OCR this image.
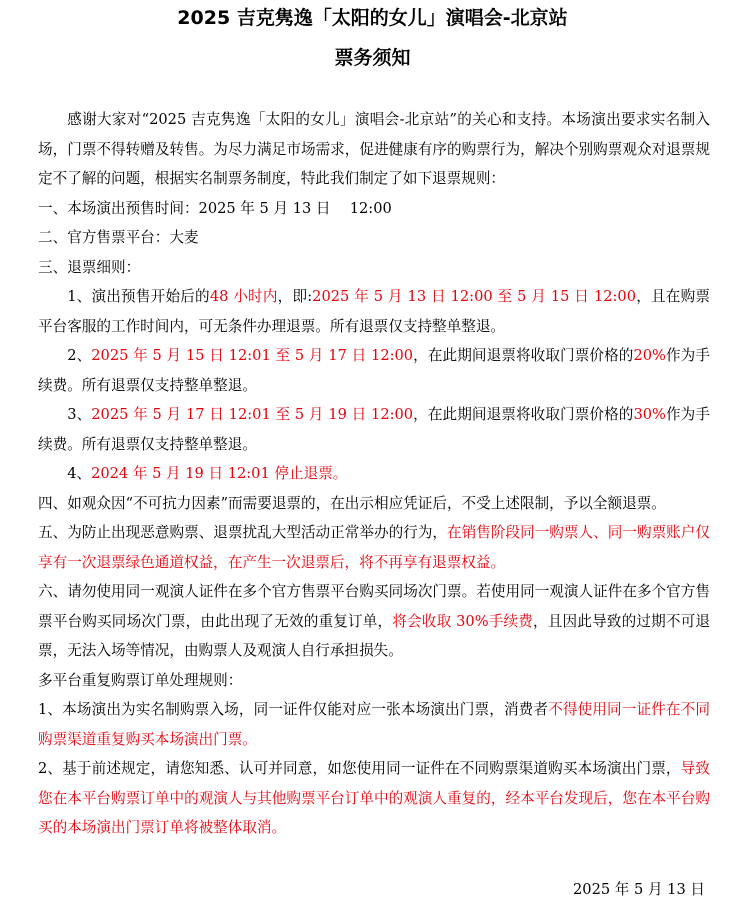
2025 吉克隽逸「太阳的女儿」演唱会-北京站
票务须知

感谢大家对“2025 吉克隽逸「太阳的女儿」演唱会-北京站”的关心和支持。本场演出要求实名制入场，门票不得转赠及转售。为尽力满足市场需求，促进健康有序的购票行为，解决个别购票观众对退票规定不了解的问题，根据实名制票务制度，特此我们制定了如下退票规则：

一、本场演出预售时间：2025 年 5 月 13 日　 12:00

二、官方售票平台：大麦

三、退票细则：

1、演出预售开始后的48 小时内，即:2025 年 5 月 13 日 12:00 至 5 月 15 日 12:00，且在购票平台客服的工作时间内，可无条件办理退票。所有退票仅支持整单整退。

2、2025 年 5 月 15 日 12:01 至 5 月 17 日 12:00，在此期间退票将收取门票价格的20%作为手续费。所有退票仅支持整单整退。

3、2025 年 5 月 17 日 12:01 至 5 月 19 日 12:00，在此期间退票将收取门票价格的30%作为手续费。所有退票仅支持整单整退。

4、2024 年 5 月 19 日 12:01 停止退票。

四、如观众因“不可抗力因素”而需要退票的，在出示相应凭证后，不受上述限制，予以全额退票。

五、为防止出现恶意购票、退票扰乱大型活动正常举办的行为，在销售阶段同一购票人、同一购票账户仅享有一次退票绿色通道权益，在产生一次退票后，将不再享有退票权益。

六、请勿使用同一观演人证件在多个官方售票平台购买同场次门票。若使用同一观演人证件在多个官方售票平台购买同场次门票，由此出现了无效的重复订单，将会收取 30%手续费，且因此导致的过期不可退票，无法入场等情况，由购票人及观演人自行承担损失。

多平台重复购票订单处理规则：

1、本场演出为实名制购票入场，同一证件仅能对应一张本场演出门票，消费者不得使用同一证件在不同购票渠道重复购买本场演出门票。

2、基于前述规定，请您知悉、认可并同意，如您使用同一证件在不同购票渠道购买本场演出门票，导致您在本平台购票订单中的观演人与其他购票平台订单中的观演人重复的，经本平台发现后，您在本平台购买的本场演出门票订单将被整体取消。

2025 年 5 月 13 日
